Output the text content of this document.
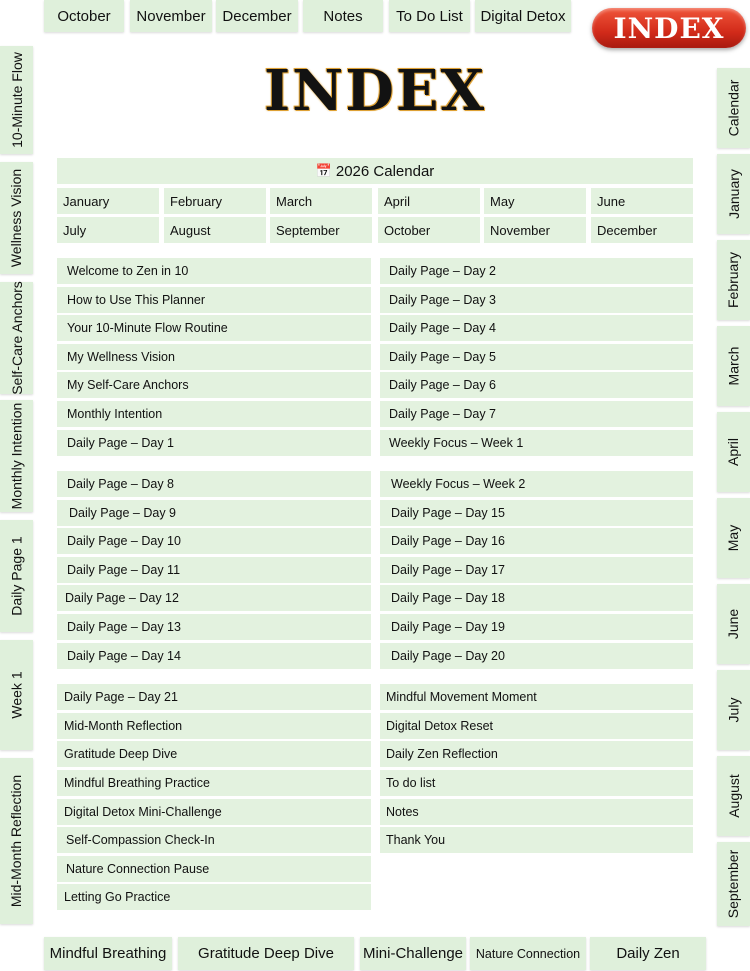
October	November	December	Notes	To Do List	Digital Detox	INDEX
10-Minute Flow
Wellness Vision
Self-Care Anchors
Monthly Intention
Daily Page 1
Week 1
Mid-Month Reflection
Calendar
January
February
March
April
May
June
July
August
September
INDEX
📅 2026 Calendar
January	February	March	April	May	June
July	August	September	October	November	December
Welcome to Zen in 10
How to Use This Planner
Your 10-Minute Flow Routine
My Wellness Vision
My Self-Care Anchors
Monthly Intention
Daily Page – Day 1
Daily Page – Day 2
Daily Page – Day 3
Daily Page – Day 4
Daily Page – Day 5
Daily Page – Day 6
Daily Page – Day 7
Weekly Focus – Week 1
Daily Page – Day 8
Daily Page – Day 9
Daily Page – Day 10
Daily Page – Day 11
Daily Page – Day 12
Daily Page – Day 13
Daily Page – Day 14
Weekly Focus – Week 2
Daily Page – Day 15
Daily Page – Day 16
Daily Page – Day 17
Daily Page – Day 18
Daily Page – Day 19
Daily Page – Day 20
Daily Page – Day 21
Mid-Month Reflection
Gratitude Deep Dive
Mindful Breathing Practice
Digital Detox Mini-Challenge
Self-Compassion Check-In
Nature Connection Pause
Letting Go Practice
Mindful Movement Moment
Digital Detox Reset
Daily Zen Reflection
To do list
Notes
Thank You
Mindful Breathing	Gratitude Deep Dive	Mini-Challenge	Nature Connection	Daily Zen
